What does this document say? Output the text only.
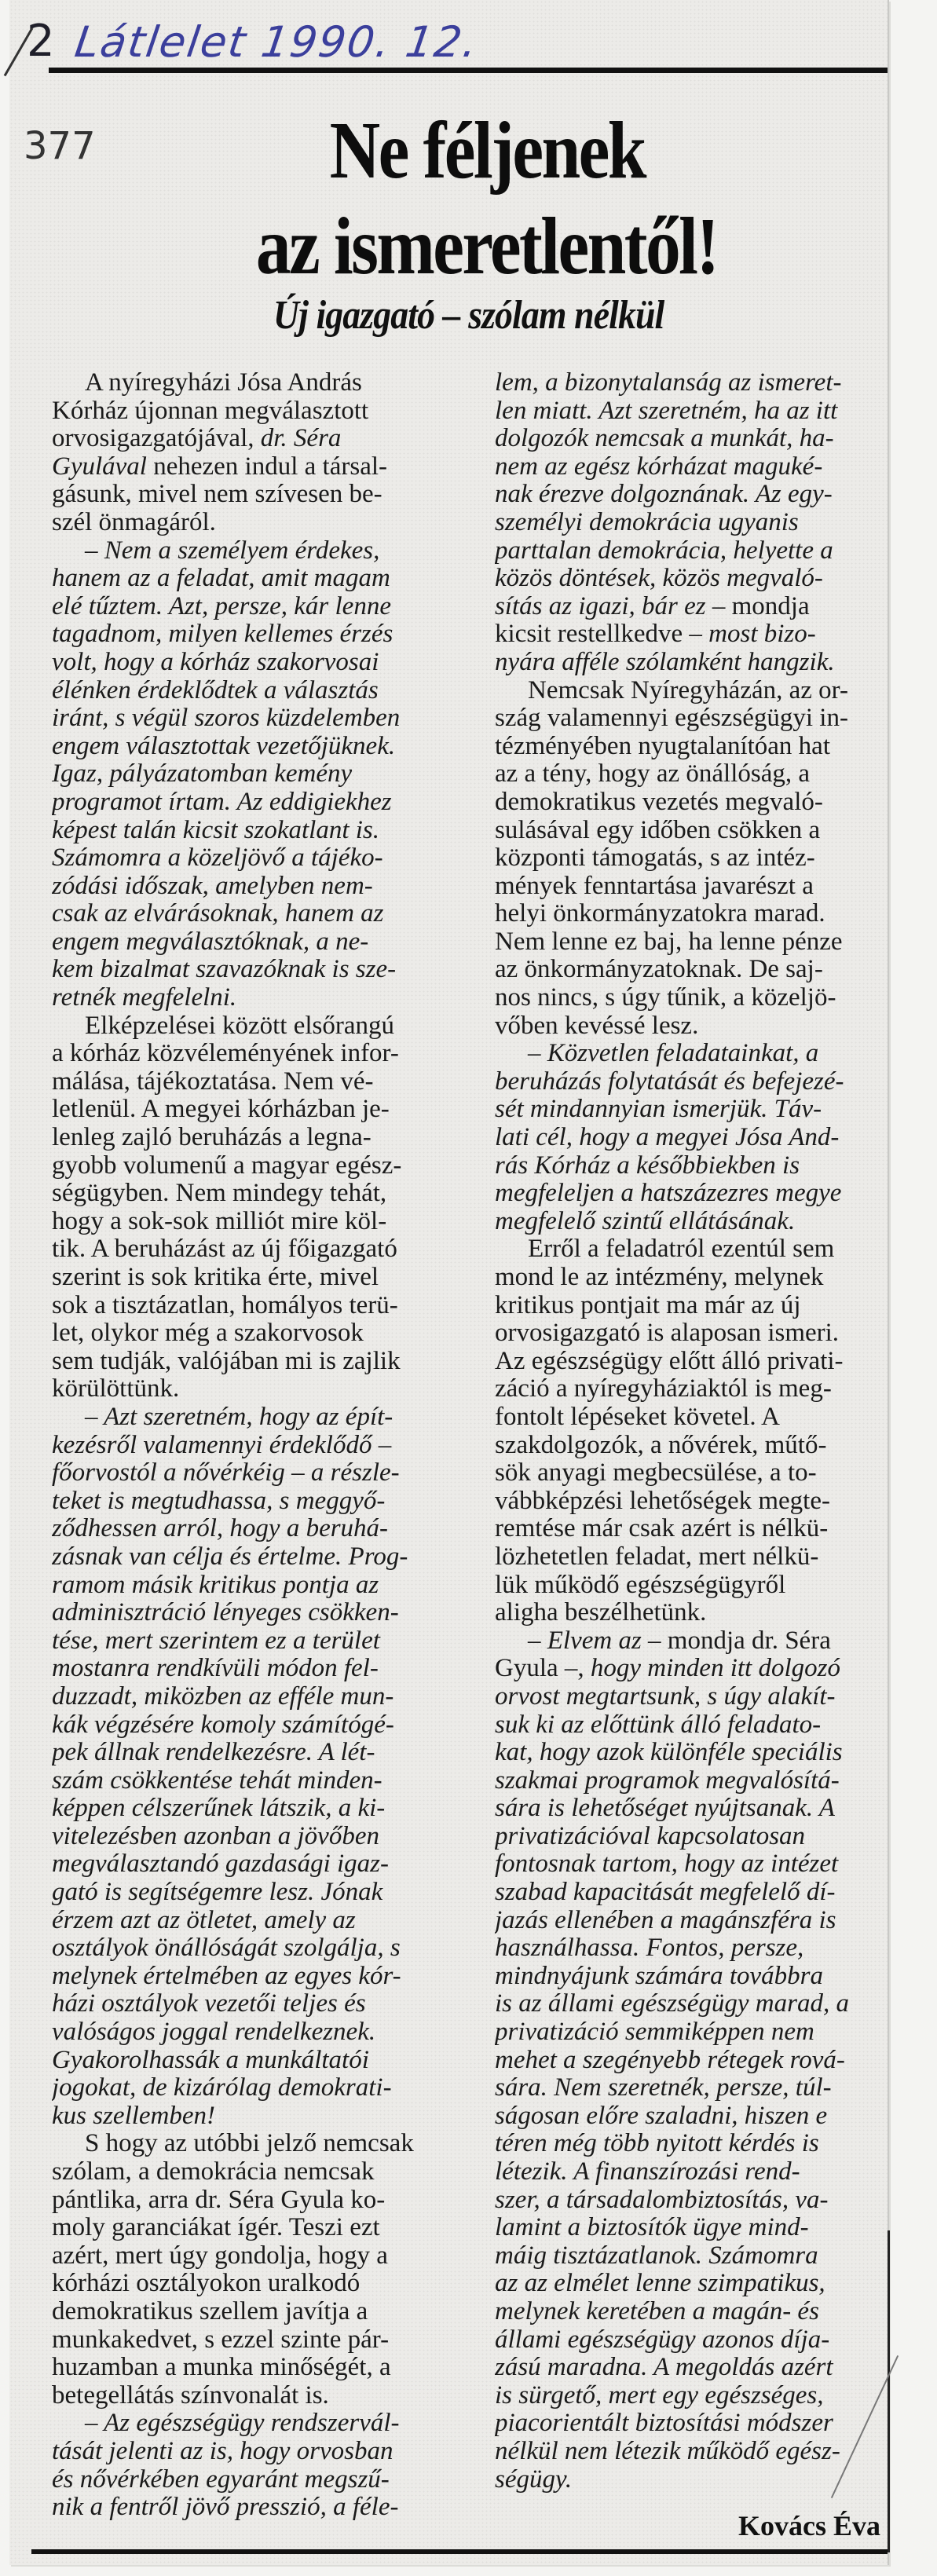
2 Látlelet 1990. 12.
377	Ne féljenek
az ismeretlentől!
Új igazgató – szólam nélkül
A nyíregyházi Jósa András
Kórház újonnan megválasztott
orvosigazgatójával, dr. Séra
Gyulával nehezen indul a társal-
gásunk, mivel nem szívesen be-
szél önmagáról.
– Nem a személyem érdekes,
hanem az a feladat, amit magam
elé tűztem. Azt, persze, kár lenne
tagadnom, milyen kellemes érzés
volt, hogy a kórház szakorvosai
élénken érdeklődtek a választás
iránt, s végül szoros küzdelemben
engem választottak vezetőjüknek.
Igaz, pályázatomban kemény
programot írtam. Az eddigiekhez
képest talán kicsit szokatlant is.
Számomra a közeljövő a tájéko-
zódási időszak, amelyben nem-
csak az elvárásoknak, hanem az
engem megválasztóknak, a ne-
kem bizalmat szavazóknak is sze-
retnék megfelelni.
Elképzelései között elsőrangú
a kórház közvéleményének infor-
málása, tájékoztatása. Nem vé-
letlenül. A megyei kórházban je-
lenleg zajló beruházás a legna-
gyobb volumenű a magyar egész-
ségügyben. Nem mindegy tehát,
hogy a sok-sok milliót mire köl-
tik. A beruházást az új főigazgató
szerint is sok kritika érte, mivel
sok a tisztázatlan, homályos terü-
let, olykor még a szakorvosok
sem tudják, valójában mi is zajlik
körülöttünk.
– Azt szeretném, hogy az épít-
kezésről valamennyi érdeklődő –
főorvostól a nővérkéig – a részle-
teket is megtudhassa, s meggyő-
ződhessen arról, hogy a beruhá-
zásnak van célja és értelme. Prog-
ramom másik kritikus pontja az
adminisztráció lényeges csökken-
tése, mert szerintem ez a terület
mostanra rendkívüli módon fel-
duzzadt, miközben az efféle mun-
kák végzésére komoly számítógé-
pek állnak rendelkezésre. A lét-
szám csökkentése tehát minden-
képpen célszerűnek látszik, a ki-
vitelezésben azonban a jövőben
megválasztandó gazdasági igaz-
gató is segítségemre lesz. Jónak
érzem azt az ötletet, amely az
osztályok önállóságát szolgálja, s
melynek értelmében az egyes kór-
házi osztályok vezetői teljes és
valóságos joggal rendelkeznek.
Gyakorolhassák a munkáltatói
jogokat, de kizárólag demokrati-
kus szellemben!
S hogy az utóbbi jelző nemcsak
szólam, a demokrácia nemcsak
pántlika, arra dr. Séra Gyula ko-
moly garanciákat ígér. Teszi ezt
azért, mert úgy gondolja, hogy a
kórházi osztályokon uralkodó
demokratikus szellem javítja a
munkakedvet, s ezzel szinte pár-
huzamban a munka minőségét, a
betegellátás színvonalát is.
– Az egészségügy rendszervál-
tását jelenti az is, hogy orvosban
és nővérkében egyaránt megszű-
nik a fentről jövő presszió, a féle-
lem, a bizonytalanság az ismeret-
len miatt. Azt szeretném, ha az itt
dolgozók nemcsak a munkát, ha-
nem az egész kórházat maguké-
nak érezve dolgoznának. Az egy-
személyi demokrácia ugyanis
parttalan demokrácia, helyette a
közös döntések, közös megvaló-
sítás az igazi, bár ez – mondja
kicsit restellkedve – most bizo-
nyára afféle szólamként hangzik.
Nemcsak Nyíregyházán, az or-
szág valamennyi egészségügyi in-
tézményében nyugtalanítóan hat
az a tény, hogy az önállóság, a
demokratikus vezetés megvaló-
sulásával egy időben csökken a
központi támogatás, s az intéz-
mények fenntartása javarészt a
helyi önkormányzatokra marad.
Nem lenne ez baj, ha lenne pénze
az önkormányzatoknak. De saj-
nos nincs, s úgy tűnik, a közeljö-
vőben kevéssé lesz.
– Közvetlen feladatainkat, a
beruházás folytatását és befejezé-
sét mindannyian ismerjük. Táv-
lati cél, hogy a megyei Jósa And-
rás Kórház a későbbiekben is
megfeleljen a hatszázezres megye
megfelelő szintű ellátásának.
Erről a feladatról ezentúl sem
mond le az intézmény, melynek
kritikus pontjait ma már az új
orvosigazgató is alaposan ismeri.
Az egészségügy előtt álló privati-
záció a nyíregyháziaktól is meg-
fontolt lépéseket követel. A
szakdolgozók, a nővérek, műtő-
sök anyagi megbecsülése, a to-
vábbképzési lehetőségek megte-
remtése már csak azért is nélkü-
lözhetetlen feladat, mert nélkü-
lük működő egészségügyről
aligha beszélhetünk.
– Elvem az – mondja dr. Séra
Gyula –, hogy minden itt dolgozó
orvost megtartsunk, s úgy alakít-
suk ki az előttünk álló feladato-
kat, hogy azok különféle speciális
szakmai programok megvalósítá-
sára is lehetőséget nyújtsanak. A
privatizációval kapcsolatosan
fontosnak tartom, hogy az intézet
szabad kapacitását megfelelő dí-
jazás ellenében a magánszféra is
használhassa. Fontos, persze,
mindnyájunk számára továbbra
is az állami egészségügy marad, a
privatizáció semmiképpen nem
mehet a szegényebb rétegek rová-
sára. Nem szeretnék, persze, túl-
ságosan előre szaladni, hiszen e
téren még több nyitott kérdés is
létezik. A finanszírozási rend-
szer, a társadalombiztosítás, va-
lamint a biztosítók ügye mind-
máig tisztázatlanok. Számomra
az az elmélet lenne szimpatikus,
melynek keretében a magán- és
állami egészségügy azonos díja-
zású maradna. A megoldás azért
is sürgető, mert egy egészséges,
piacorientált biztosítási módszer
nélkül nem létezik működő egész-
ségügy.
Kovács Éva
